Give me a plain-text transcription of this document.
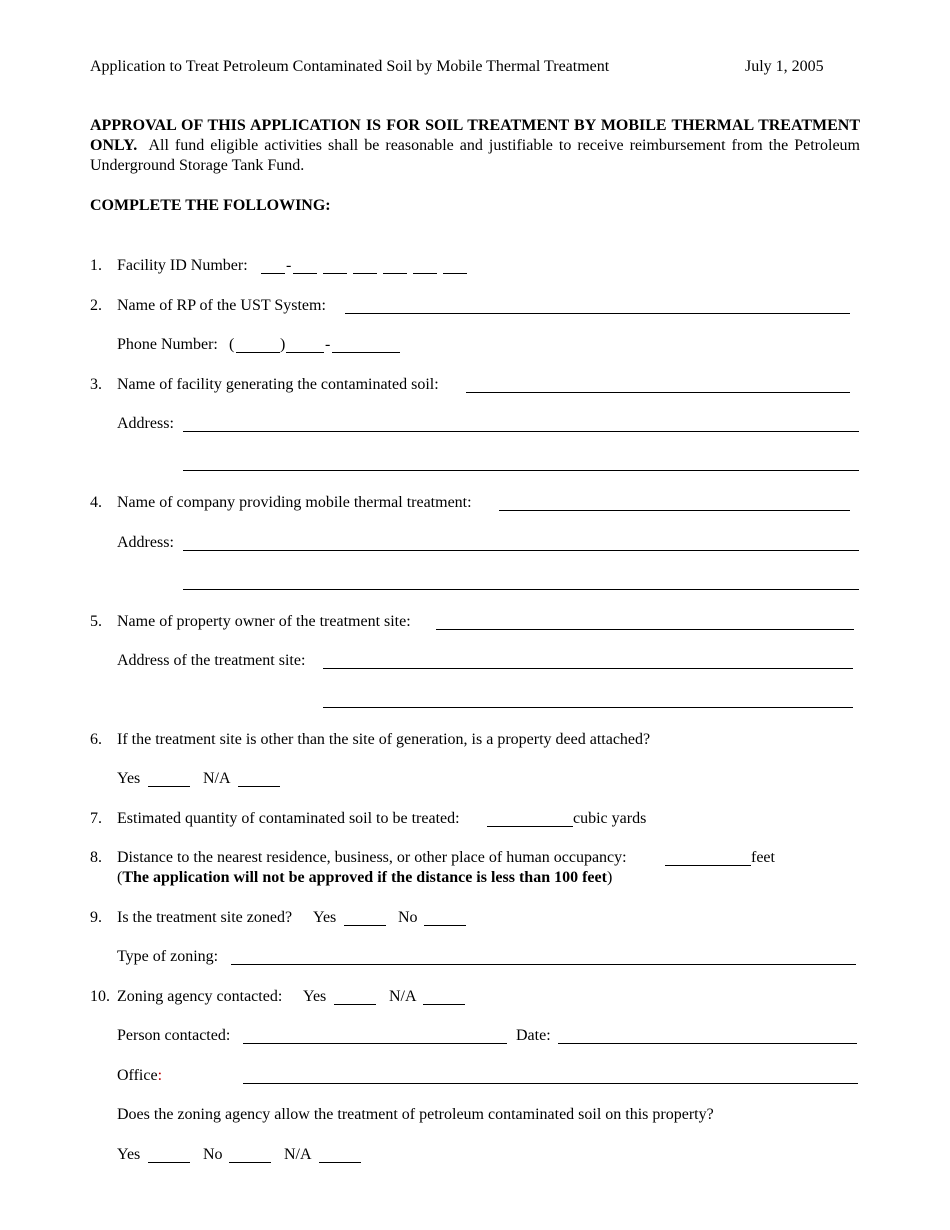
Application to Treat Petroleum Contaminated Soil by Mobile Thermal Treatment	July 1, 2005
APPROVAL OF THIS APPLICATION IS FOR SOIL TREATMENT BY MOBILE THERMAL TREATMENT ONLY. All fund eligible activities shall be reasonable and justifiable to receive reimbursement from the Petroleum Underground Storage Tank Fund.
COMPLETE THE FOLLOWING:
1. Facility ID Number: -
2. Name of RP of the UST System:
Phone Number: (	) -
3. Name of facility generating the contaminated soil:
Address:
4. Name of company providing mobile thermal treatment:
Address:
5. Name of property owner of the treatment site:
Address of the treatment site:
6. If the treatment site is other than the site of generation, is a property deed attached?
Yes	N/A
7. Estimated quantity of contaminated soil to be treated:	cubic yards
8. Distance to the nearest residence, business, or other place of human occupancy:	feet
(The application will not be approved if the distance is less than 100 feet)
9. Is the treatment site zoned? Yes	No
Type of zoning:
10. Zoning agency contacted: Yes	N/A
Person contacted:	Date:
Office:
Does the zoning agency allow the treatment of petroleum contaminated soil on this property?
Yes	No	N/A
